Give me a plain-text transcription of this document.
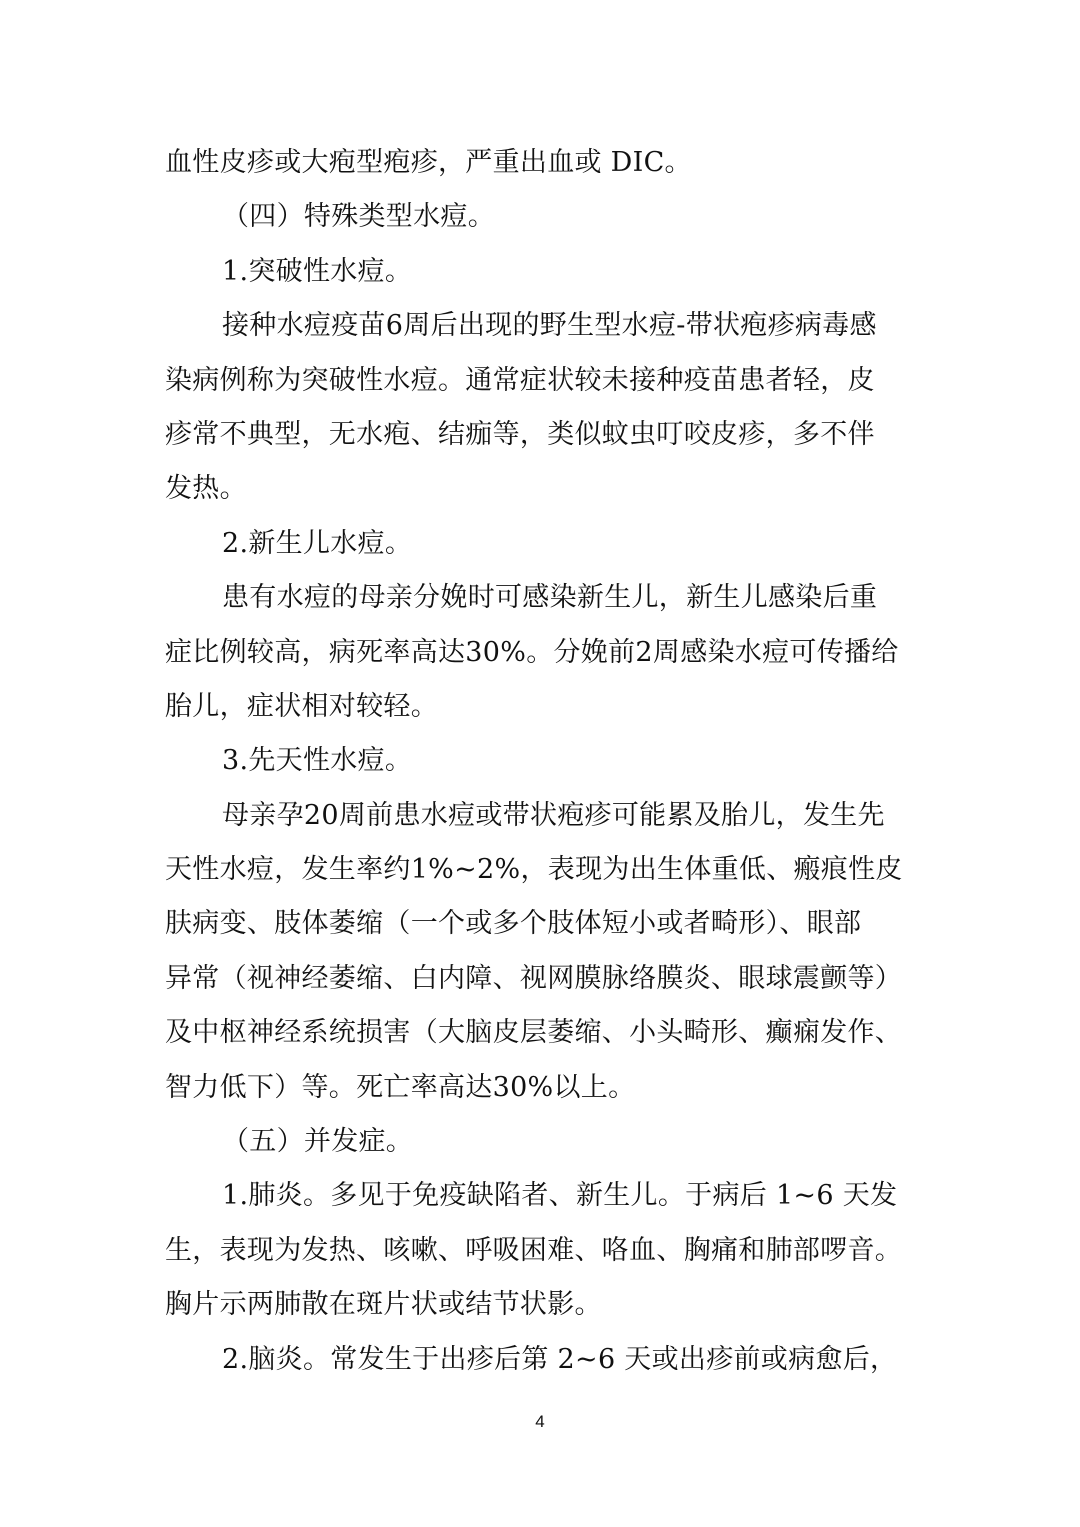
血性皮疹或大疱型疱疹，严重出血或 DIC。
（四）特殊类型水痘。
1.突破性水痘。
接种水痘疫苗6周后出现的野生型水痘-带状疱疹病毒感
染病例称为突破性水痘。通常症状较未接种疫苗患者轻，皮
疹常不典型，无水疱、结痂等，类似蚊虫叮咬皮疹，多不伴
发热。
2.新生儿水痘。
患有水痘的母亲分娩时可感染新生儿，新生儿感染后重
症比例较高，病死率高达30%。分娩前2周感染水痘可传播给
胎儿，症状相对较轻。
3.先天性水痘。
母亲孕20周前患水痘或带状疱疹可能累及胎儿，发生先
天性水痘，发生率约1%~2%，表现为出生体重低、瘢痕性皮
肤病变、肢体萎缩（一个或多个肢体短小或者畸形）、眼部
异常（视神经萎缩、白内障、视网膜脉络膜炎、眼球震颤等）
及中枢神经系统损害（大脑皮层萎缩、小头畸形、癫痫发作、
智力低下）等。死亡率高达30%以上。
（五）并发症。
1.肺炎。多见于免疫缺陷者、新生儿。于病后 1~6 天发
生，表现为发热、咳嗽、呼吸困难、咯血、胸痛和肺部啰音。
胸片示两肺散在斑片状或结节状影。
2.脑炎。常发生于出疹后第 2~6 天或出疹前或病愈后，
4
